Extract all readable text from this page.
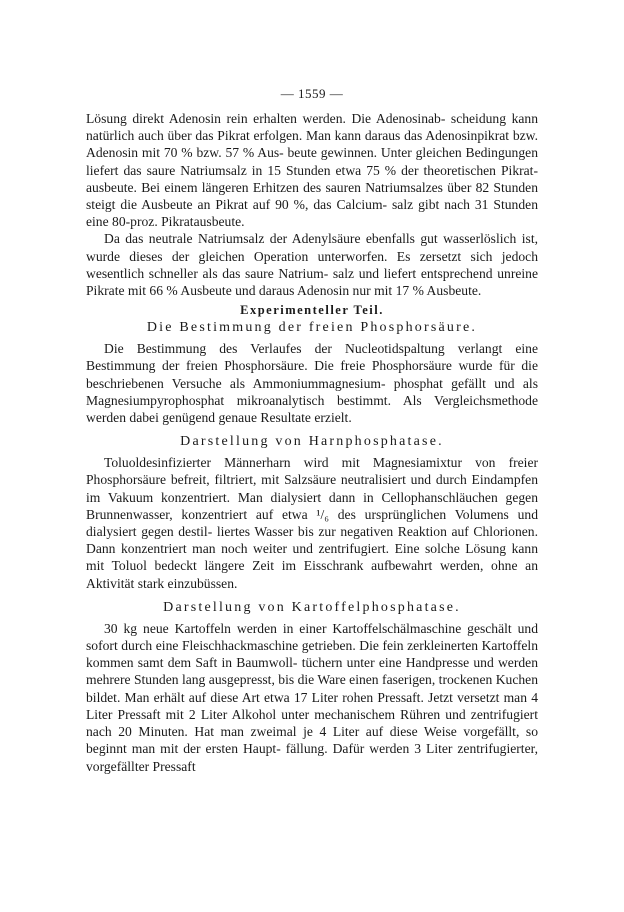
— 1559 —

Lösung direkt Adenosin rein erhalten werden. Die Adenosinab- scheidung kann natürlich auch über das Pikrat erfolgen. Man kann daraus das Adenosinpikrat bzw. Adenosin mit 70 % bzw. 57 % Aus- beute gewinnen. Unter gleichen Bedingungen liefert das saure Natriumsalz in 15 Stunden etwa 75 % der theoretischen Pikrat- ausbeute. Bei einem längeren Erhitzen des sauren Natriumsalzes über 82 Stunden steigt die Ausbeute an Pikrat auf 90 %, das Calcium- salz gibt nach 31 Stunden eine 80-proz. Pikratausbeute.

Da das neutrale Natriumsalz der Adenylsäure ebenfalls gut wasserlöslich ist, wurde dieses der gleichen Operation unterworfen. Es zersetzt sich jedoch wesentlich schneller als das saure Natrium- salz und liefert entsprechend unreine Pikrate mit 66 % Ausbeute und daraus Adenosin nur mit 17 % Ausbeute.

Experimenteller Teil.
Die Bestimmung der freien Phosphorsäure.

Die Bestimmung des Verlaufes der Nucleotidspaltung verlangt eine Bestimmung der freien Phosphorsäure. Die freie Phosphorsäure wurde für die beschriebenen Versuche als Ammoniummagnesium- phosphat gefällt und als Magnesiumpyrophosphat mikroanalytisch bestimmt. Als Vergleichsmethode werden dabei genügend genaue Resultate erzielt.

Darstellung von Harnphosphatase.

Toluoldesinfizierter Männerharn wird mit Magnesiamixtur von freier Phosphorsäure befreit, filtriert, mit Salzsäure neutralisiert und durch Eindampfen im Vakuum konzentriert. Man dialysiert dann in Cellophanschläuchen gegen Brunnenwasser, konzentriert auf etwa ¹/₆ des ursprünglichen Volumens und dialysiert gegen destil- liertes Wasser bis zur negativen Reaktion auf Chlorionen. Dann konzentriert man noch weiter und zentrifugiert. Eine solche Lösung kann mit Toluol bedeckt längere Zeit im Eisschrank aufbewahrt werden, ohne an Aktivität stark einzubüssen.

Darstellung von Kartoffelphosphatase.

30 kg neue Kartoffeln werden in einer Kartoffelschälmaschine geschält und sofort durch eine Fleischhackmaschine getrieben. Die fein zerkleinerten Kartoffeln kommen samt dem Saft in Baumwoll- tüchern unter eine Handpresse und werden mehrere Stunden lang ausgepresst, bis die Ware einen faserigen, trockenen Kuchen bildet. Man erhält auf diese Art etwa 17 Liter rohen Pressaft. Jetzt versetzt man 4 Liter Pressaft mit 2 Liter Alkohol unter mechanischem Rühren und zentrifugiert nach 20 Minuten. Hat man zweimal je 4 Liter auf diese Weise vorgefällt, so beginnt man mit der ersten Haupt- fällung. Dafür werden 3 Liter zentrifugierter, vorgefällter Pressaft
